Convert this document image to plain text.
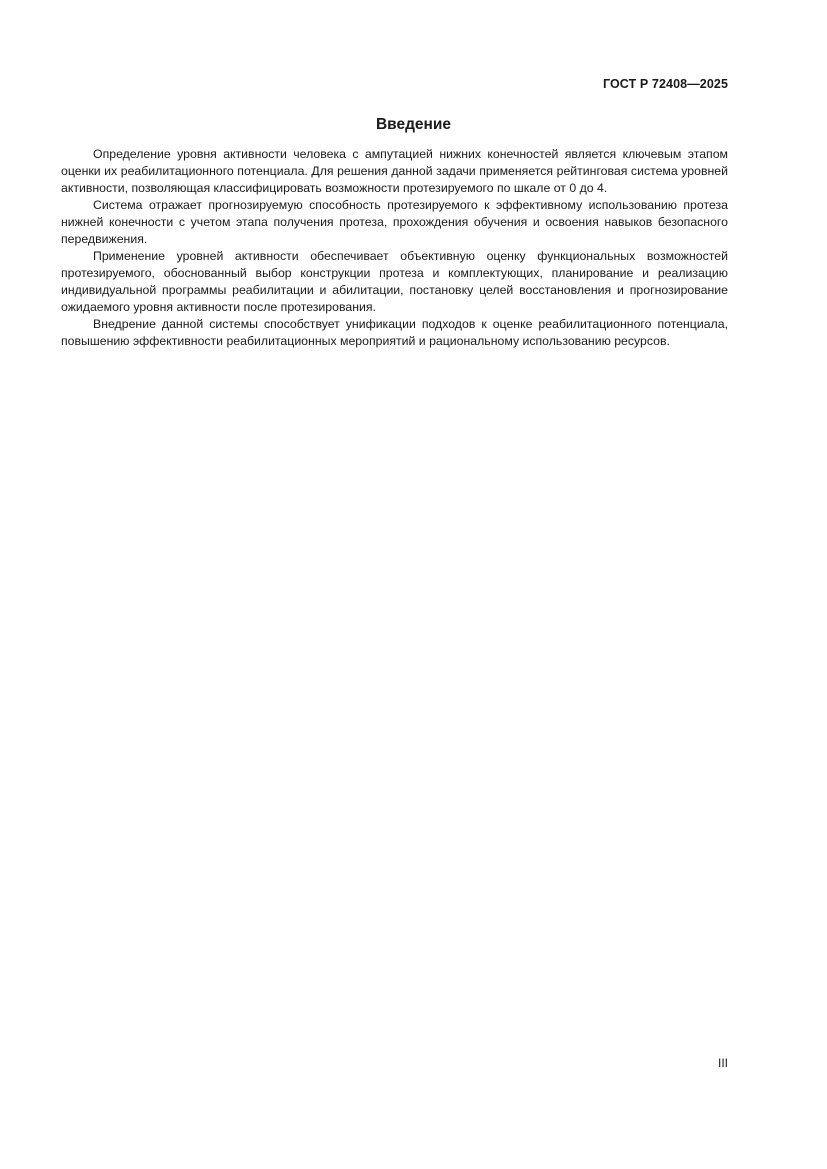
ГОСТ Р 72408—2025
Введение

Определение уровня активности человека с ампутацией нижних конечностей является ключевым этапом оценки их реабилитационного потенциала. Для решения данной задачи применяется рейтинговая система уровней активности, позволяющая классифицировать возможности протезируемого по шкале от 0 до 4.

Система отражает прогнозируемую способность протезируемого к эффективному использованию протеза нижней конечности с учетом этапа получения протеза, прохождения обучения и освоения навыков безопасного передвижения.

Применение уровней активности обеспечивает объективную оценку функциональных возможностей протезируемого, обоснованный выбор конструкции протеза и комплектующих, планирование и реализацию индивидуальной программы реабилитации и абилитации, постановку целей восстановления и прогнозирование ожидаемого уровня активности после протезирования.

Внедрение данной системы способствует унификации подходов к оценке реабилитационного потенциала, повышению эффективности реабилитационных мероприятий и рациональному использованию ресурсов.

III
